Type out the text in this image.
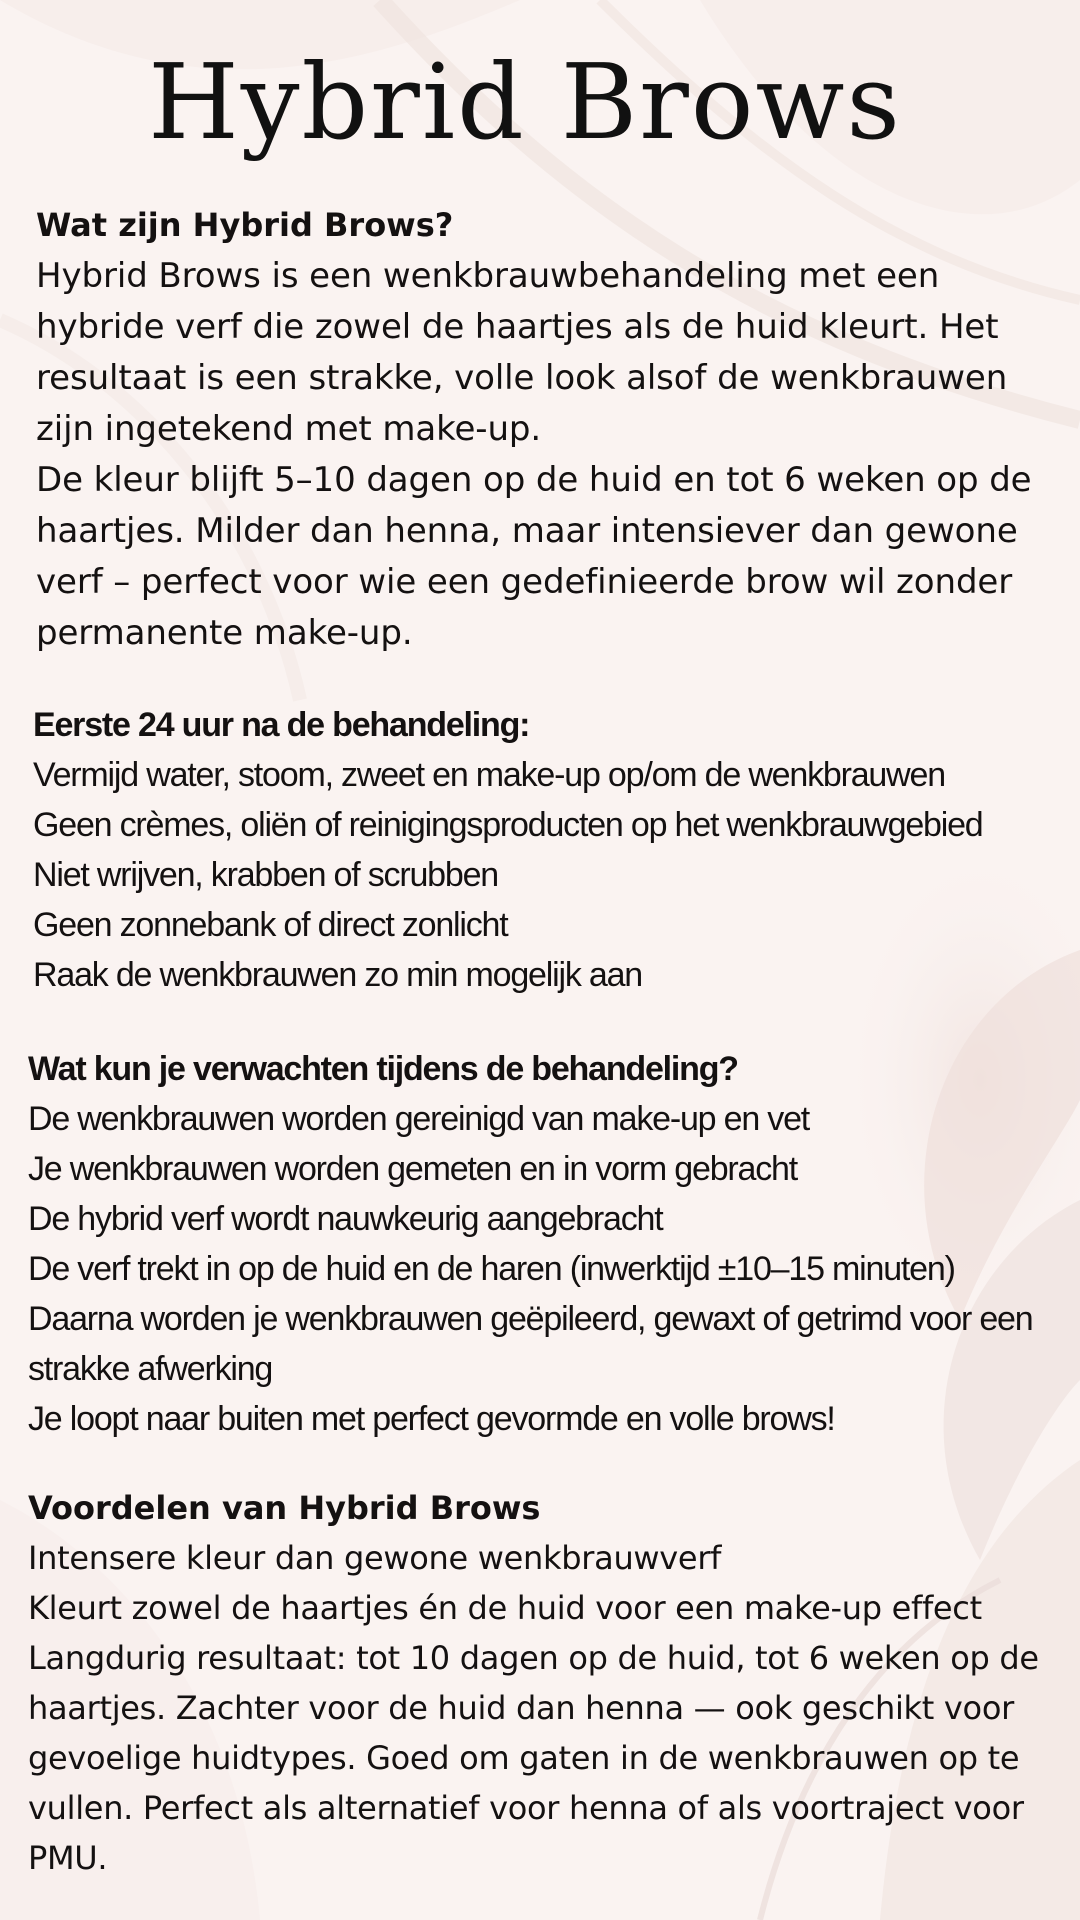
Hybrid Brows

Wat zijn Hybrid Brows?

Hybrid Brows is een wenkbrauwbehandeling met een hybride verf die zowel de haartjes als de huid kleurt. Het resultaat is een strakke, volle look alsof de wenkbrauwen zijn ingetekend met make-up.

De kleur blijft 5–10 dagen op de huid en tot 6 weken op de haartjes. Milder dan henna, maar intensiever dan gewone verf – perfect voor wie een gedefinieerde brow wil zonder permanente make-up.

Eerste 24 uur na de behandeling:

Vermijd water, stoom, zweet en make-up op/om de wenkbrauwen

Geen crèmes, oliën of reinigingsproducten op het wenkbrauwgebied

Niet wrijven, krabben of scrubben

Geen zonnebank of direct zonlicht

Raak de wenkbrauwen zo min mogelijk aan

Wat kun je verwachten tijdens de behandeling?

De wenkbrauwen worden gereinigd van make-up en vet

Je wenkbrauwen worden gemeten en in vorm gebracht

De hybrid verf wordt nauwkeurig aangebracht

De verf trekt in op de huid en de haren (inwerktijd ±10–15 minuten)

Daarna worden je wenkbrauwen geëpileerd, gewaxt of getrimd voor een strakke afwerking

Je loopt naar buiten met perfect gevormde en volle brows!

Voordelen van Hybrid Brows

Intensere kleur dan gewone wenkbrauwverf

Kleurt zowel de haartjes én de huid voor een make-up effect

Langdurig resultaat: tot 10 dagen op de huid, tot 6 weken op de haartjes. Zachter voor de huid dan henna — ook geschikt voor gevoelige huidtypes. Goed om gaten in de wenkbrauwen op te vullen. Perfect als alternatief voor henna of als voortraject voor PMU.
